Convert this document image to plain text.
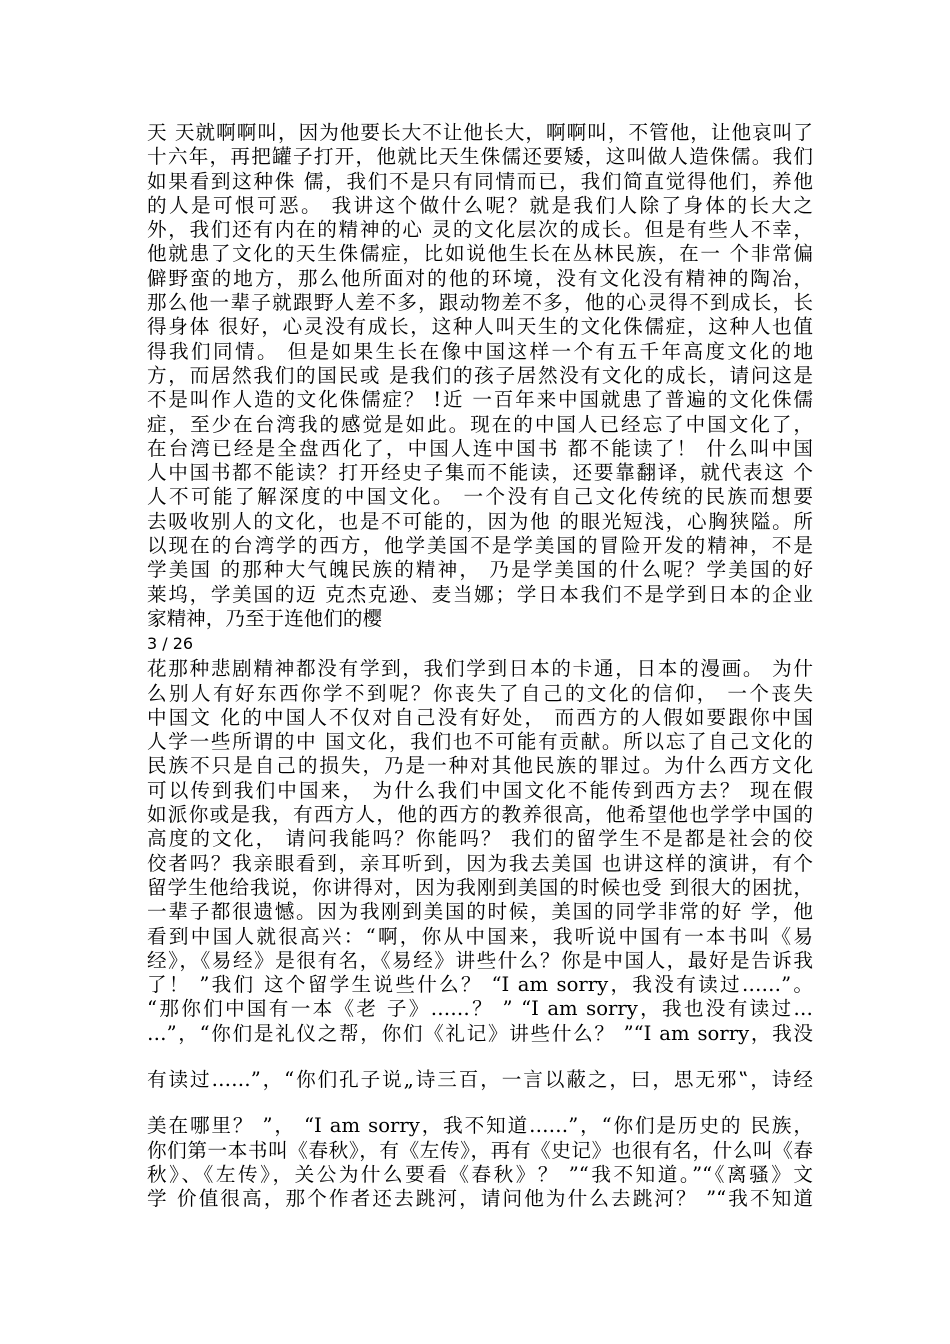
天 天就啊啊叫，因为他要长大不让他长大，啊啊叫，不管他，让他哀叫了
十六年，再把罐子打开，他就比天生侏儒还要矮，这叫做人造侏儒。我们
如果看到这种侏 儒，我们不是只有同情而已，我们简直觉得他们，养他
的人是可恨可恶。 我讲这个做什么呢？就是我们人除了身体的长大之
外，我们还有内在的精神的心 灵的文化层次的成长。但是有些人不幸，
他就患了文化的天生侏儒症，比如说他生长在丛林民族，在一 个非常偏
僻野蛮的地方，那么他所面对的他的环境，没有文化没有精神的陶冶，
那么他一辈子就跟野人差不多，跟动物差不多，他的心灵得不到成长，长
得身体 很好，心灵没有成长，这种人叫天生的文化侏儒症，这种人也值
得我们同情。 但是如果生长在像中国这样一个有五千年高度文化的地
方，而居然我们的国民或 是我们的孩子居然没有文化的成长，请问这是
不是叫作人造的文化侏儒症？ !近 一百年来中国就患了普遍的文化侏儒
症，至少在台湾我的感觉是如此。现在的中国人已经忘了中国文化了，
在台湾已经是全盘西化了，中国人连中国书 都不能读了！ 什么叫中国
人中国书都不能读？打开经史子集而不能读，还要靠翻译，就代表这 个
人不可能了解深度的中国文化。 一个没有自己文化传统的民族而想要
去吸收别人的文化，也是不可能的，因为他 的眼光短浅，心胸狭隘。所
以现在的台湾学的西方，他学美国不是学美国的冒险开发的精神，不是
学美国 的那种大气魄民族的精神， 乃是学美国的什么呢？学美国的好
莱坞，学美国的迈 克杰克逊、麦当娜；学日本我们不是学到日本的企业
家精神，乃至于连他们的樱
3 / 26
花那种悲剧精神都没有学到，我们学到日本的卡通，日本的漫画。 为什
么别人有好东西你学不到呢？你丧失了自己的文化的信仰， 一个丧失
中国文 化的中国人不仅对自己没有好处， 而西方的人假如要跟你中国
人学一些所谓的中 国文化，我们也不可能有贡献。所以忘了自己文化的
民族不只是自己的损失，乃是一种对其他民族的罪过。为什么西方文化
可以传到我们中国来， 为什么我们中国文化不能传到西方去？ 现在假
如派你或是我，有西方人，他的西方的教养很高，他希望他也学学中国的
高度的文化， 请问我能吗？你能吗？ 我们的留学生不是都是社会的佼
佼者吗？我亲眼看到，亲耳听到，因为我去美国 也讲这样的演讲，有个
留学生他给我说，你讲得对，因为我刚到美国的时候也受 到很大的困扰，
一辈子都很遗憾。因为我刚到美国的时候，美国的同学非常的好 学，他
看到中国人就很高兴：“啊，你从中国来，我听说中国有一本书叫《易
经》，《易经》是很有名，《易经》讲些什么？你是中国人，最好是告诉我
了！ ”我们 这个留学生说些什么？ “I am sorry，我没有读过……”。
“那你们中国有一本《老 子》……？ ” “I am sorry，我也没有读过…
…”，“你们是礼仪之帮，你们《礼记》讲些什么？ ”“I am sorry，我没
有读过……”，“你们孔子说„诗三百，一言以蔽之，曰，思无邪‟，诗经
美在哪里？ ”， “I am sorry，我不知道……”，“你们是历史的 民族，
你们第一本书叫《春秋》，有《左传》，再有《史记》也很有名，什么叫《春
秋》、《左传》，关公为什么要看《春秋》？ ”“我不知道。”“《离骚》文
学 价值很高，那个作者还去跳河，请问他为什么去跳河？ ”“我不知道
